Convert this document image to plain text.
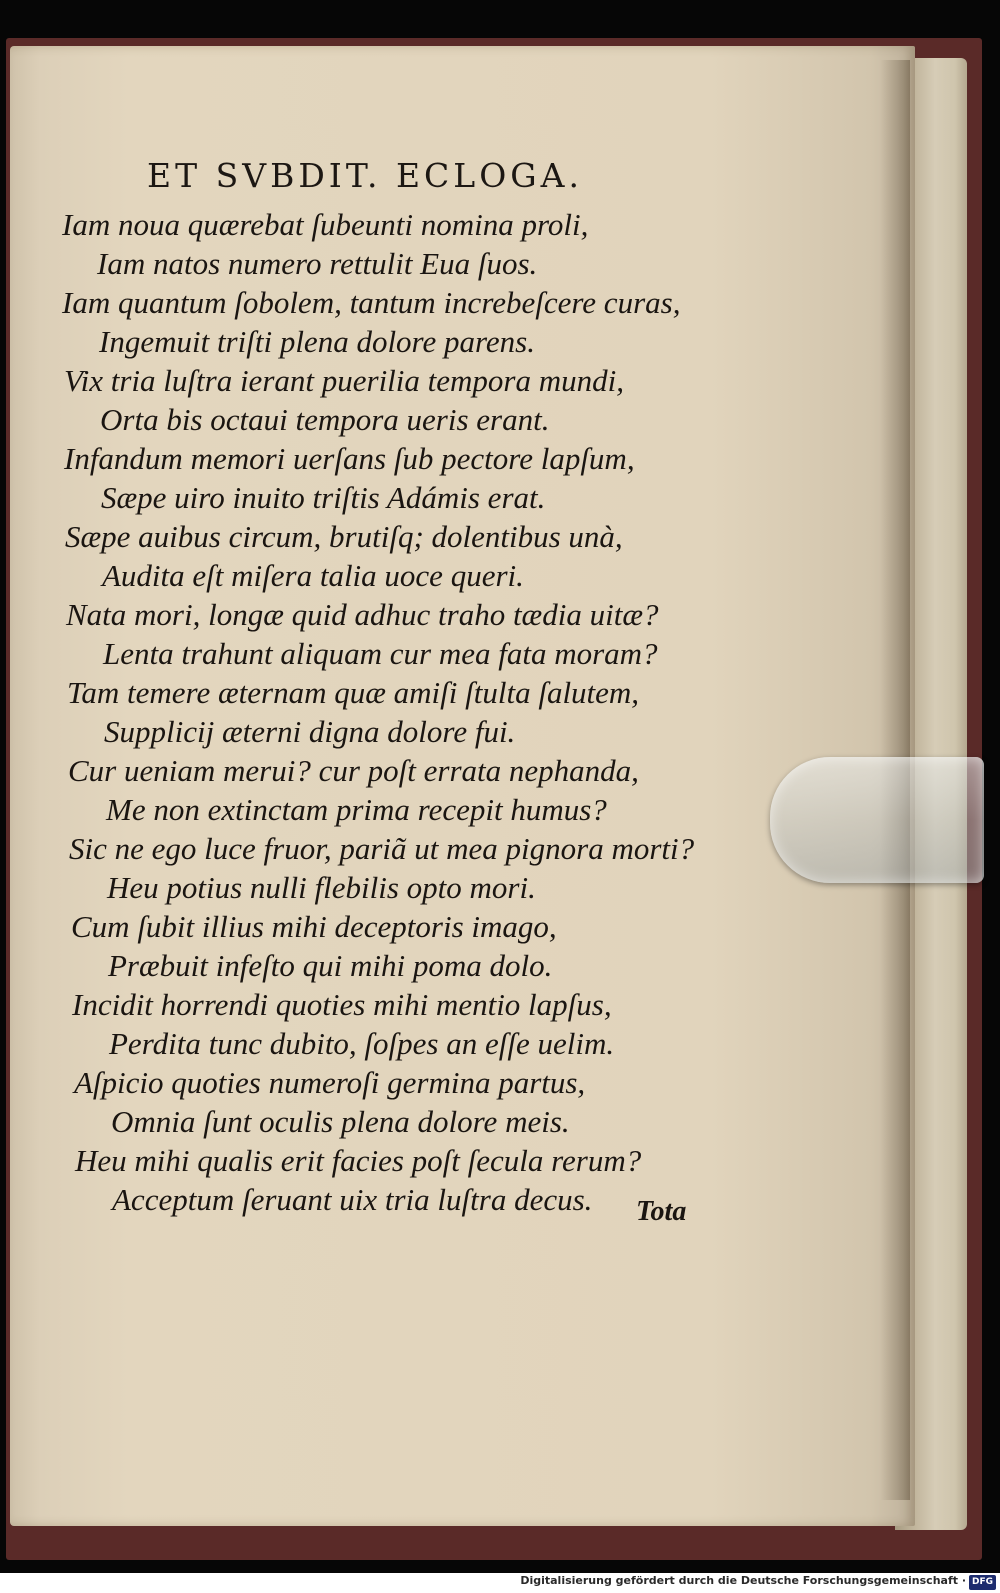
ET SVBDIT. ECLOGA.
Iam noua quærebat ſubeunti nomina proli,
Iam natos numero rettulit Eua ſuos.
Iam quantum ſobolem, tantum increbeſcere curas,
Ingemuit triſti plena dolore parens.
Vix tria luſtra ierant puerilia tempora mundi,
Orta bis octaui tempora ueris erant.
Infandum memori uerſans ſub pectore lapſum,
Sæpe uiro inuito triſtis Adámis erat.
Sæpe auibus circum, brutiſq; dolentibus unà,
Audita eſt miſera talia uoce queri.
Nata mori, longæ quid adhuc traho tædia uitæ?
Lenta trahunt aliquam cur mea fata moram?
Tam temere æternam quæ amiſi ſtulta ſalutem,
Supplicij æterni digna dolore fui.
Cur ueniam merui? cur poſt errata nephanda,
Me non extinctam prima recepit humus?
Sic ne ego luce fruor, pariã ut mea pignora morti?
Heu potius nulli flebilis opto mori.
Cum ſubit illius mihi deceptoris imago,
Præbuit infeſto qui mihi poma dolo.
Incidit horrendi quoties mihi mentio lapſus,
Perdita tunc dubito, ſoſpes an eſſe uelim.
Aſpicio quoties numeroſi germina partus,
Omnia ſunt oculis plena dolore meis.
Heu mihi qualis erit facies poſt ſecula rerum?
Acceptum ſeruant uix tria luſtra decus.	Tota
Digitalisierung gefördert durch die Deutsche Forschungsgemeinschaft · DFG
